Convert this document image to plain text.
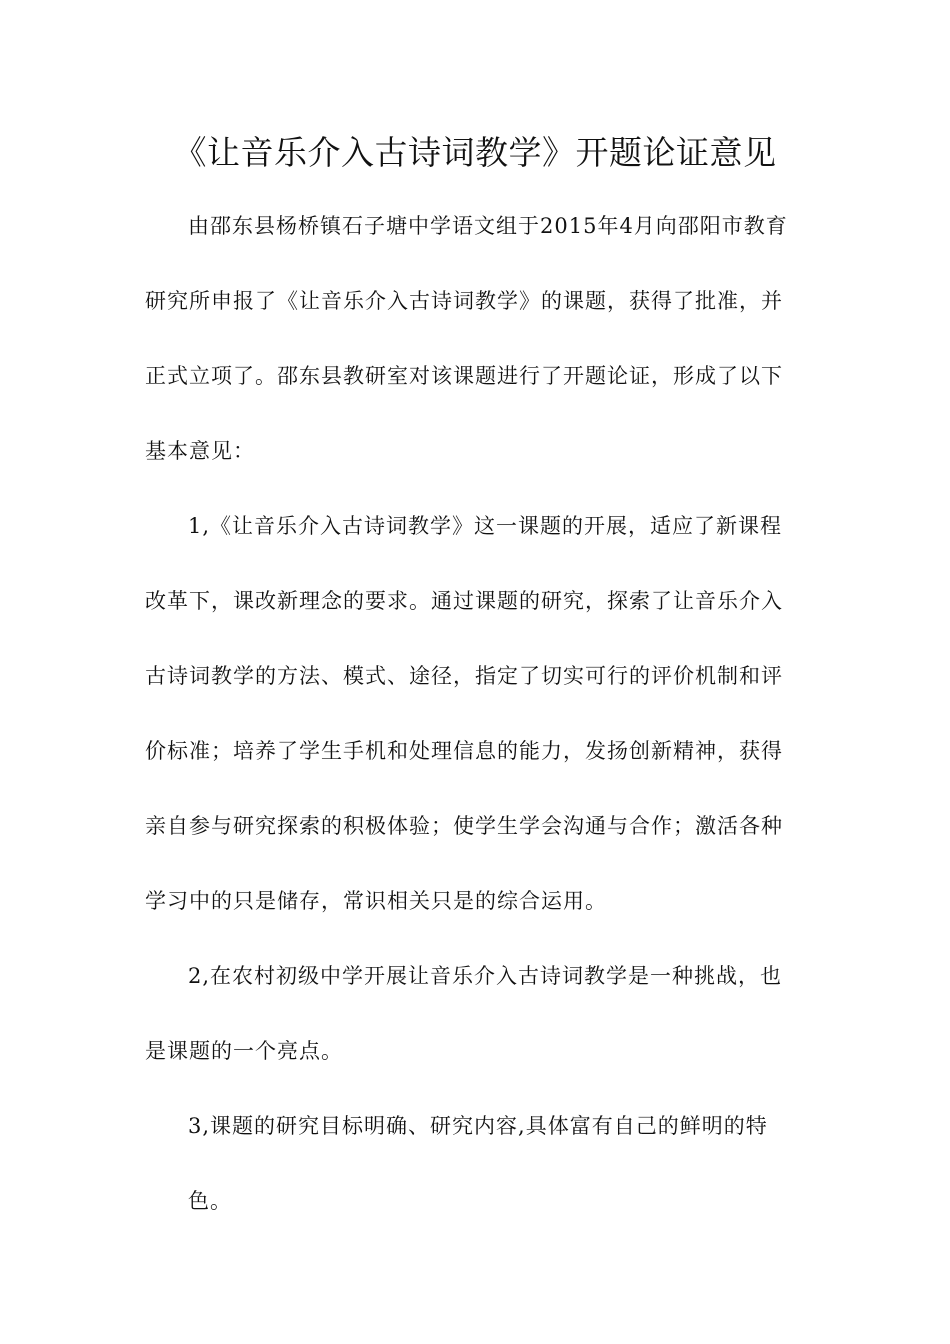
《让音乐介入古诗词教学》开题论证意见
由邵东县杨桥镇石子塘中学语文组于2015年4月向邵阳市教育
研究所申报了《让音乐介入古诗词教学》的课题，获得了批准，并
正式立项了。邵东县教研室对该课题进行了开题论证，形成了以下
基本意见：
1,《让音乐介入古诗词教学》这一课题的开展，适应了新课程
改革下，课改新理念的要求。通过课题的研究，探索了让音乐介入
古诗词教学的方法、模式、途径，指定了切实可行的评价机制和评
价标准；培养了学生手机和处理信息的能力，发扬创新精神，获得
亲自参与研究探索的积极体验；使学生学会沟通与合作；激活各种
学习中的只是储存，常识相关只是的综合运用。
2,在农村初级中学开展让音乐介入古诗词教学是一种挑战，也
是课题的一个亮点。
3,课题的研究目标明确、研究内容,具体富有自己的鲜明的特
色。
